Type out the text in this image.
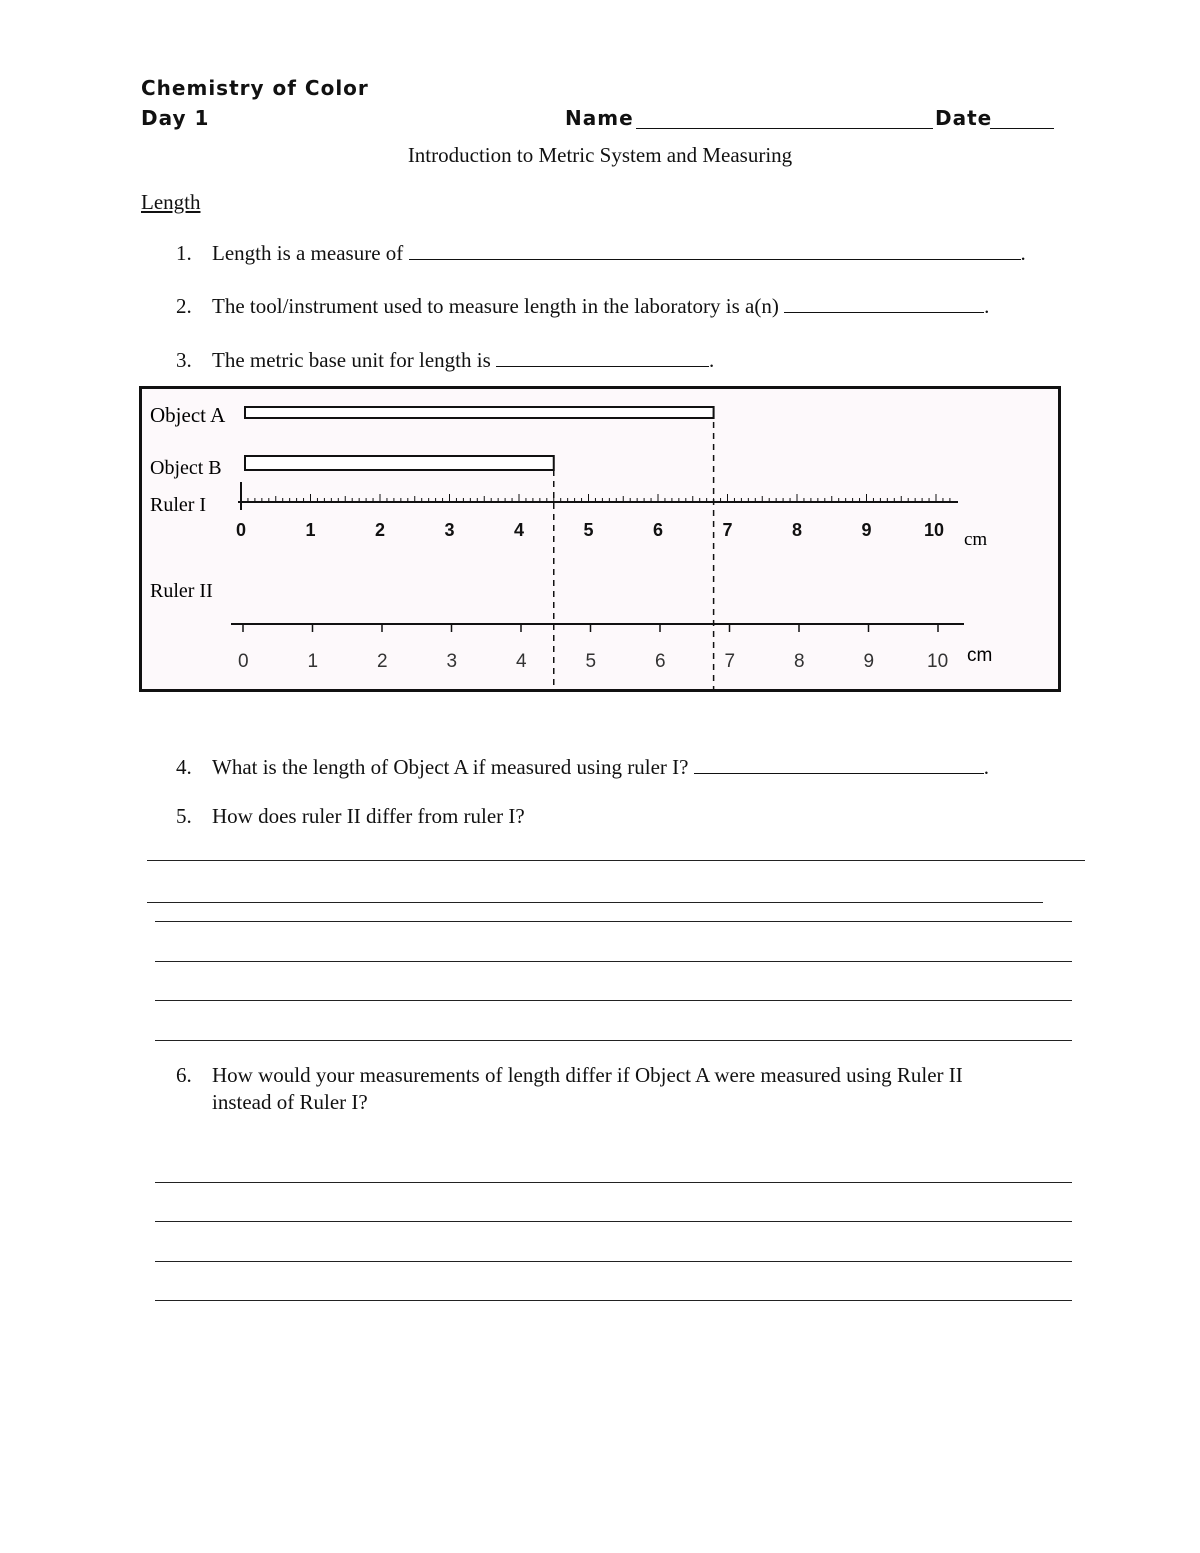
Chemistry of Color
Day 1	Name	Date
Introduction to Metric System and Measuring
Length
1. Length is a measure of	.
2. The tool/instrument used to measure length in the laboratory is a(n)	.
3. The metric base unit for length is	.
Object A
Object B
Ruler I
Ruler II
0	1	2	3	4	5	6	7	8	9	10
0	1	2	3	4	5	6	7	8	9	10
cm
cm
4. What is the length of Object A if measured using ruler I?	.
5. How does ruler II differ from ruler I?
6. How would your measurements of length differ if Object A were measured using Ruler II
instead of Ruler I?
